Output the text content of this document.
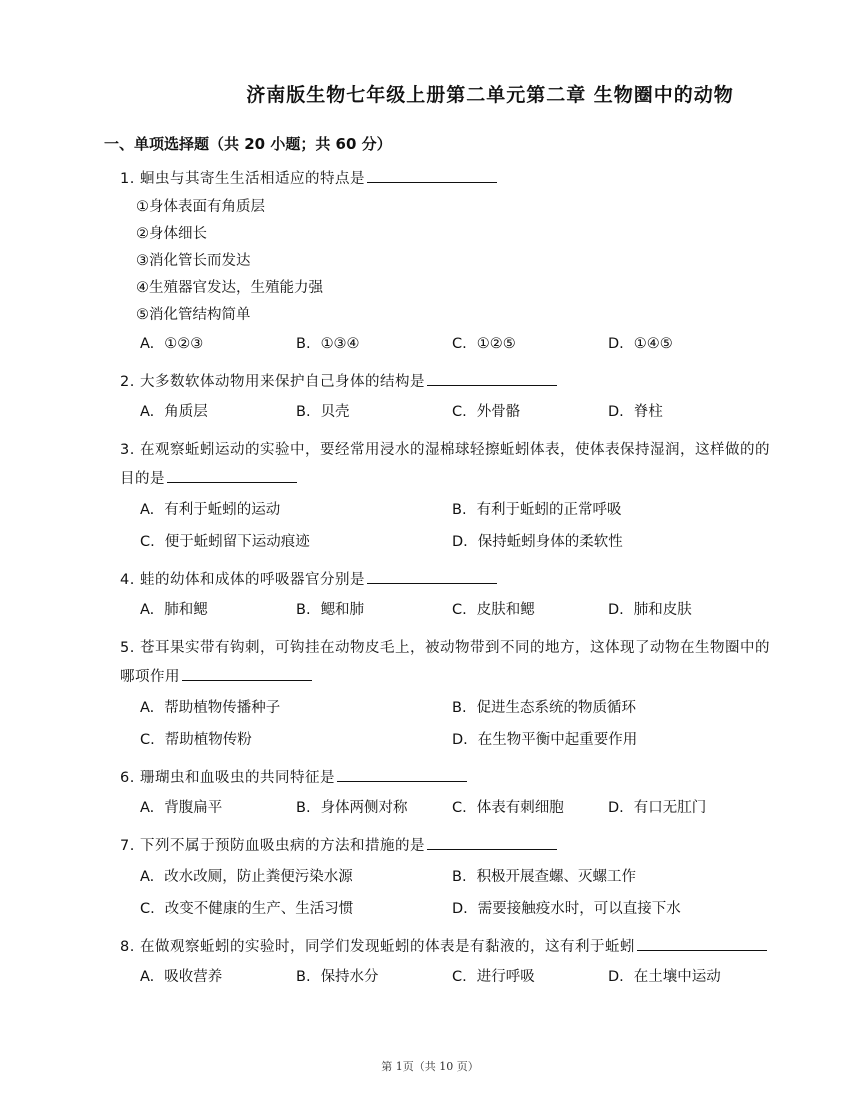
济南版生物七年级上册第二单元第二章 生物圈中的动物
一、单项选择题（共 20 小题；共 60 分）
1. 蛔虫与其寄生生活相适应的特点是
①身体表面有角质层
②身体细长
③消化管长而发达
④生殖器官发达，生殖能力强
⑤消化管结构简单
A. ①②③	B. ①③④	C. ①②⑤	D. ①④⑤
2. 大多数软体动物用来保护自己身体的结构是
A. 角质层	B. 贝壳	C. 外骨骼	D. 脊柱
3. 在观察蚯蚓运动的实验中，要经常用浸水的湿棉球轻擦蚯蚓体表，使体表保持湿润，这样做的的目的是
A. 有利于蚯蚓的运动	B. 有利于蚯蚓的正常呼吸
C. 便于蚯蚓留下运动痕迹	D. 保持蚯蚓身体的柔软性
4. 蛙的幼体和成体的呼吸器官分别是
A. 肺和鳃	B. 鳃和肺	C. 皮肤和鳃	D. 肺和皮肤
5. 苍耳果实带有钩刺，可钩挂在动物皮毛上，被动物带到不同的地方，这体现了动物在生物圈中的哪项作用
A. 帮助植物传播种子	B. 促进生态系统的物质循环
C. 帮助植物传粉	D. 在生物平衡中起重要作用
6. 珊瑚虫和血吸虫的共同特征是
A. 背腹扁平	B. 身体两侧对称	C. 体表有刺细胞	D. 有口无肛门
7. 下列不属于预防血吸虫病的方法和措施的是
A. 改水改厕，防止粪便污染水源	B. 积极开展查螺、灭螺工作
C. 改变不健康的生产、生活习惯	D. 需要接触疫水时，可以直接下水
8. 在做观察蚯蚓的实验时，同学们发现蚯蚓的体表是有黏液的，这有利于蚯蚓
A. 吸收营养	B. 保持水分	C. 进行呼吸	D. 在土壤中运动
第 1页（共 10 页）
